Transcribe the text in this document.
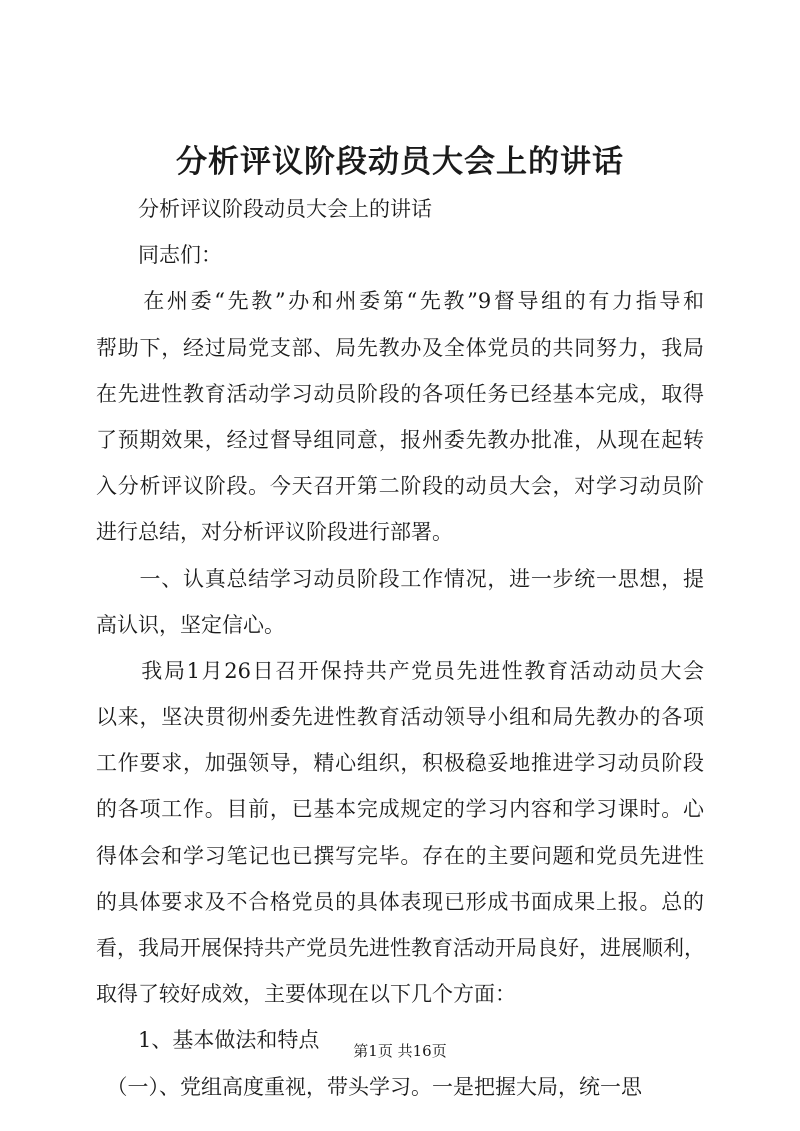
分析评议阶段动员大会上的讲话
　　分析评议阶段动员大会上的讲话
　　同志们：
　　在州委“先教”办和州委第“先教”9督导组的有力指导和
帮助下，经过局党支部、局先教办及全体党员的共同努力，我局
在先进性教育活动学习动员阶段的各项任务已经基本完成，取得
了预期效果，经过督导组同意，报州委先教办批准，从现在起转
入分析评议阶段。今天召开第二阶段的动员大会，对学习动员阶
进行总结，对分析评议阶段进行部署。
　　一、认真总结学习动员阶段工作情况，进一步统一思想，提
高认识，坚定信心。
　　我局1月26日召开保持共产党员先进性教育活动动员大会
以来，坚决贯彻州委先进性教育活动领导小组和局先教办的各项
工作要求，加强领导，精心组织，积极稳妥地推进学习动员阶段
的各项工作。目前，已基本完成规定的学习内容和学习课时。心
得体会和学习笔记也已撰写完毕。存在的主要问题和党员先进性
的具体要求及不合格党员的具体表现已形成书面成果上报。总的
看，我局开展保持共产党员先进性教育活动开局良好，进展顺利，
取得了较好成效，主要体现在以下几个方面：
　　1、基本做法和特点
　（一）、党组高度重视，带头学习。一是把握大局，统一思
第1页 共16页
